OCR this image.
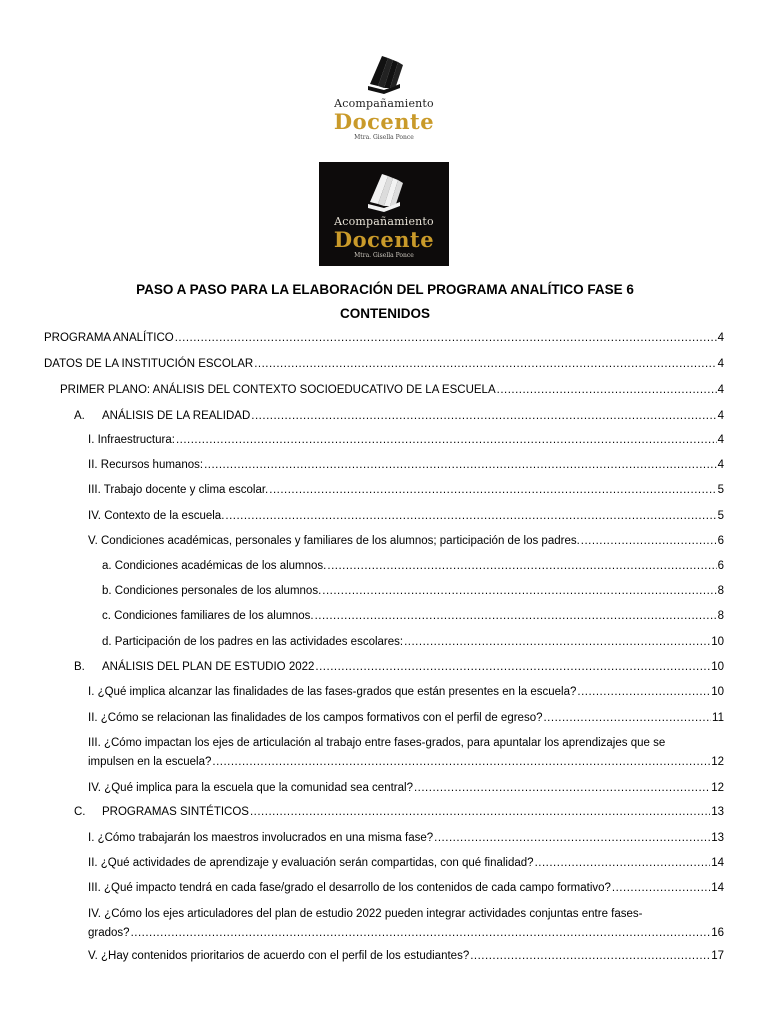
Acompañamiento
Docente
Mtra. Gisella Ponce
Acompañamiento
Docente
Mtra. Gisella Ponce
PASO A PASO PARA LA ELABORACIÓN DEL PROGRAMA ANALÍTICO FASE 6
CONTENIDOS
PROGRAMA ANALÍTICO .....	4
DATOS DE LA INSTITUCIÓN ESCOLAR .....	4
PRIMER PLANO: ANÁLISIS DEL CONTEXTO SOCIOEDUCATIVO DE LA ESCUELA .....	4
A. ANÁLISIS DE LA REALIDAD .....	4
I. Infraestructura: .....	4
II. Recursos humanos: .....	4
III. Trabajo docente y clima escolar. .....	5
IV. Contexto de la escuela. .....	5
V. Condiciones académicas, personales y familiares de los alumnos; participación de los padres. .....	6
a. Condiciones académicas de los alumnos. .....	6
b. Condiciones personales de los alumnos. .....	8
c. Condiciones familiares de los alumnos. .....	8
d. Participación de los padres en las actividades escolares: .....	10
B. ANÁLISIS DEL PLAN DE ESTUDIO 2022 .....	10
I. ¿Qué implica alcanzar las finalidades de las fases-grados que están presentes en la escuela? .....	10
II. ¿Cómo se relacionan las finalidades de los campos formativos con el perfil de egreso? .....	11
III. ¿Cómo impactan los ejes de articulación al trabajo entre fases-grados, para apuntalar los aprendizajes que se
impulsen en la escuela? .....	12
IV. ¿Qué implica para la escuela que la comunidad sea central? .....	12
C. PROGRAMAS SINTÉTICOS .....	13
I. ¿Cómo trabajarán los maestros involucrados en una misma fase? .....	13
II. ¿Qué actividades de aprendizaje y evaluación serán compartidas, con qué finalidad? .....	14
III. ¿Qué impacto tendrá en cada fase/grado el desarrollo de los contenidos de cada campo formativo? .....	14
IV. ¿Cómo los ejes articuladores del plan de estudio 2022 pueden integrar actividades conjuntas entre fases-
grados? .....	16
V. ¿Hay contenidos prioritarios de acuerdo con el perfil de los estudiantes? .....	17
